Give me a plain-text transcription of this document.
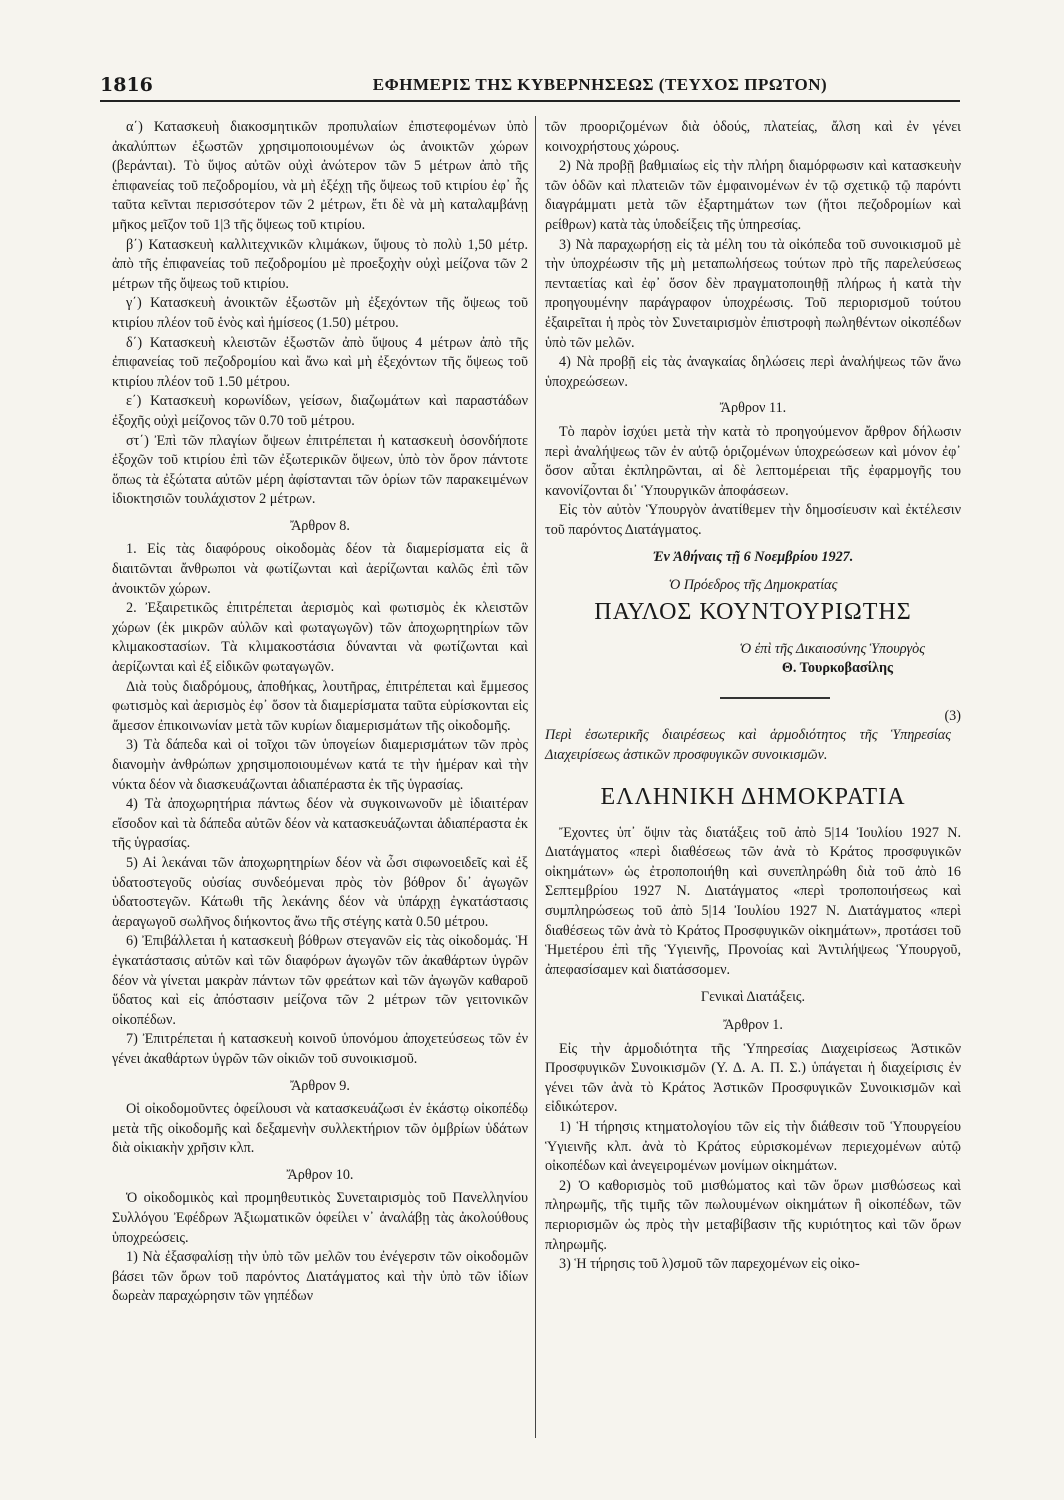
1816	ΕΦΗΜΕΡΙΣ ΤΗΣ ΚΥΒΕΡΝΗΣΕΩΣ (ΤΕΥΧΟΣ ΠΡΩΤΟΝ)

α΄) Κατασκευὴ διακοσμητικῶν προπυλαίων ἐπιστεφομένων ὑπὸ ἀκαλύπτων ἐξωστῶν χρησιμοποιουμένων ὡς ἀνοικτῶν χώρων (βεράνται). Τὸ ὕψος αὐτῶν οὐχὶ ἀνώτερον τῶν 5 μέτρων ἀπὸ τῆς ἐπιφανείας τοῦ πεζοδρομίου, νὰ μὴ ἐξέχῃ τῆς ὄψεως τοῦ κτιρίου ἐφ᾽ ἧς ταῦτα κεῖνται περισσότερον τῶν 2 μέτρων, ἔτι δὲ νὰ μὴ καταλαμβάνῃ μῆκος μεῖζον τοῦ 1|3 τῆς ὄψεως τοῦ κτιρίου.

β΄) Κατασκευὴ καλλιτεχνικῶν κλιμάκων, ὕψους τὸ πολὺ 1,50 μέτρ. ἀπὸ τῆς ἐπιφανείας τοῦ πεζοδρομίου μὲ προεξοχὴν οὐχὶ μείζονα τῶν 2 μέτρων τῆς ὄψεως τοῦ κτιρίου.

γ΄) Κατασκευὴ ἀνοικτῶν ἐξωστῶν μὴ ἐξεχόντων τῆς ὄψεως τοῦ κτιρίου πλέον τοῦ ἑνὸς καὶ ἡμίσεος (1.50) μέτρου.

δ΄) Κατασκευὴ κλειστῶν ἐξωστῶν ἀπὸ ὕψους 4 μέτρων ἀπὸ τῆς ἐπιφανείας τοῦ πεζοδρομίου καὶ ἄνω καὶ μὴ ἐξεχόντων τῆς ὄψεως τοῦ κτιρίου πλέον τοῦ 1.50 μέτρου.

ε΄) Κατασκευὴ κορωνίδων, γείσων, διαζωμάτων καὶ παραστάδων ἐξοχῆς οὐχὶ μείζονος τῶν 0.70 τοῦ μέτρου.

στ΄) Ἐπὶ τῶν πλαγίων ὄψεων ἐπιτρέπεται ἡ κατασκευὴ ὁσονδήποτε ἐξοχῶν τοῦ κτιρίου ἐπὶ τῶν ἐξωτερικῶν ὄψεων, ὑπὸ τὸν ὅρον πάντοτε ὅπως τὰ ἐξώτατα αὐτῶν μέρη ἀφίστανται τῶν ὁρίων τῶν παρακειμένων ἰδιοκτησιῶν τουλάχιστον 2 μέτρων.

Ἄρθρον 8.

1. Εἰς τὰς διαφόρους οἰκοδομὰς δέον τὰ διαμερίσματα εἰς ἃ διαιτῶνται ἄνθρωποι νὰ φωτίζωνται καὶ ἀερίζωνται καλῶς ἐπὶ τῶν ἀνοικτῶν χώρων.

2. Ἐξαιρετικῶς ἐπιτρέπεται ἀερισμὸς καὶ φωτισμὸς ἐκ κλειστῶν χώρων (ἐκ μικρῶν αὐλῶν καὶ φωταγωγῶν) τῶν ἀποχωρητηρίων τῶν κλιμακοστασίων. Τὰ κλιμακοστάσια δύνανται νὰ φωτίζωνται καὶ ἀερίζωνται καὶ ἐξ εἰδικῶν φωταγωγῶν.

Διὰ τοὺς διαδρόμους, ἀποθήκας, λουτῆρας, ἐπιτρέπεται καὶ ἔμμεσος φωτισμὸς καὶ ἀερισμὸς ἐφ᾽ ὅσον τὰ διαμερίσματα ταῦτα εὑρίσκονται εἰς ἄμεσον ἐπικοινωνίαν μετὰ τῶν κυρίων διαμερισμάτων τῆς οἰκοδομῆς.

3) Τὰ δάπεδα καὶ οἱ τοῖχοι τῶν ὑπογείων διαμερισμάτων τῶν πρὸς διανομὴν ἀνθρώπων χρησιμοποιουμένων κατά τε τὴν ἡμέραν καὶ τὴν νύκτα δέον νὰ διασκευάζωνται ἀδιαπέραστα ἐκ τῆς ὑγρασίας.

4) Τὰ ἀποχωρητήρια πάντως δέον νὰ συγκοινωνοῦν μὲ ἰδιαιτέραν εἴσοδον καὶ τὰ δάπεδα αὐτῶν δέον νὰ κατασκευάζωνται ἀδιαπέραστα ἐκ τῆς ὑγρασίας.

5) Αἱ λεκάναι τῶν ἀποχωρητηρίων δέον νὰ ὦσι σιφωνοειδεῖς καὶ ἐξ ὑδατοστεγοῦς οὐσίας συνδεόμεναι πρὸς τὸν βόθρον δι᾽ ἀγωγῶν ὑδατοστεγῶν. Κάτωθι τῆς λεκάνης δέον νὰ ὑπάρχῃ ἐγκατάστασις ἀεραγωγοῦ σωλῆνος διήκοντος ἄνω τῆς στέγης κατὰ 0.50 μέτρου.

6) Ἐπιβάλλεται ἡ κατασκευὴ βόθρων στεγανῶν εἰς τὰς οἰκοδομάς. Ἡ ἐγκατάστασις αὐτῶν καὶ τῶν διαφόρων ἀγωγῶν τῶν ἀκαθάρτων ὑγρῶν δέον νὰ γίνεται μακρὰν πάντων τῶν φρεάτων καὶ τῶν ἀγωγῶν καθαροῦ ὕδατος καὶ εἰς ἀπόστασιν μείζονα τῶν 2 μέτρων τῶν γειτονικῶν οἰκοπέδων.

7) Ἐπιτρέπεται ἡ κατασκευὴ κοινοῦ ὑπονόμου ἀποχετεύσεως τῶν ἐν γένει ἀκαθάρτων ὑγρῶν τῶν οἰκιῶν τοῦ συνοικισμοῦ.

Ἄρθρον 9.

Οἱ οἰκοδομοῦντες ὀφείλουσι νὰ κατασκευάζωσι ἐν ἑκάστῳ οἰκοπέδῳ μετὰ τῆς οἰκοδομῆς καὶ δεξαμενὴν συλλεκτήριον τῶν ὀμβρίων ὑδάτων διὰ οἰκιακὴν χρῆσιν κλπ.

Ἄρθρον 10.

Ὁ οἰκοδομικὸς καὶ προμηθευτικὸς Συνεταιρισμὸς τοῦ Πανελληνίου Συλλόγου Ἐφέδρων Ἀξιωματικῶν ὀφείλει ν᾽ ἀναλάβῃ τὰς ἀκολούθους ὑποχρεώσεις.

1) Νὰ ἐξασφαλίσῃ τὴν ὑπὸ τῶν μελῶν του ἐνέγερσιν τῶν οἰκοδομῶν βάσει τῶν ὅρων τοῦ παρόντος Διατάγματος καὶ τὴν ὑπὸ τῶν ἰδίων δωρεὰν παραχώρησιν τῶν γηπέδων

τῶν προοριζομένων διὰ ὁδούς, πλατείας, ἄλση καὶ ἐν γένει κοινοχρήστους χώρους.

2) Νὰ προβῇ βαθμιαίως εἰς τὴν πλήρη διαμόρφωσιν καὶ κατασκευὴν τῶν ὁδῶν καὶ πλατειῶν τῶν ἐμφαινομένων ἐν τῷ σχετικῷ τῷ παρόντι διαγράμματι μετὰ τῶν ἐξαρτημάτων των (ἤτοι πεζοδρομίων καὶ ρείθρων) κατὰ τὰς ὑποδείξεις τῆς ὑπηρεσίας.

3) Νὰ παραχωρήσῃ εἰς τὰ μέλη του τὰ οἰκόπεδα τοῦ συνοικισμοῦ μὲ τὴν ὑποχρέωσιν τῆς μὴ μεταπωλήσεως τούτων πρὸ τῆς παρελεύσεως πενταετίας καὶ ἐφ᾽ ὅσον δὲν πραγματοποιηθῇ πλήρως ἡ κατὰ τὴν προηγουμένην παράγραφον ὑποχρέωσις. Τοῦ περιορισμοῦ τούτου ἐξαιρεῖται ἡ πρὸς τὸν Συνεταιρισμὸν ἐπιστροφὴ πωληθέντων οἰκοπέδων ὑπὸ τῶν μελῶν.

4) Νὰ προβῇ εἰς τὰς ἀναγκαίας δηλώσεις περὶ ἀναλήψεως τῶν ἄνω ὑποχρεώσεων.

Ἄρθρον 11.

Τὸ παρὸν ἰσχύει μετὰ τὴν κατὰ τὸ προηγούμενον ἄρθρον δήλωσιν περὶ ἀναλήψεως τῶν ἐν αὐτῷ ὁριζομένων ὑποχρεώσεων καὶ μόνον ἐφ᾽ ὅσον αὗται ἐκπληρῶνται, αἱ δὲ λεπτομέρειαι τῆς ἐφαρμογῆς του κανονίζονται δι᾽ Ὑπουργικῶν ἀποφάσεων.

Εἰς τὸν αὐτὸν Ὑπουργὸν ἀνατίθεμεν τὴν δημοσίευσιν καὶ ἐκτέλεσιν τοῦ παρόντος Διατάγματος.

Ἐν Ἀθήναις τῇ 6 Νοεμβρίου 1927.

Ὁ Πρόεδρος τῆς Δημοκρατίας

ΠΑΥΛΟΣ ΚΟΥΝΤΟΥΡΙΩΤΗΣ

Ὁ ἐπὶ τῆς Δικαιοσύνης Ὑπουργὸς

Θ. Τουρκοβασίλης

(3)

Περὶ ἐσωτερικῆς διαιρέσεως καὶ ἁρμοδιότητος τῆς Ὑπηρεσίας Διαχειρίσεως ἀστικῶν προσφυγικῶν συνοικισμῶν.

ΕΛΛΗΝΙΚΗ ΔΗΜΟΚΡΑΤΙΑ

Ἔχοντες ὑπ᾽ ὄψιν τὰς διατάξεις τοῦ ἀπὸ 5|14 Ἰουλίου 1927 Ν. Διατάγματος «περὶ διαθέσεως τῶν ἀνὰ τὸ Κράτος προσφυγικῶν οἰκημάτων» ὡς ἐτροποποιήθη καὶ συνεπληρώθη διὰ τοῦ ἀπὸ 16 Σεπτεμβρίου 1927 Ν. Διατάγματος «περὶ τροποποιήσεως καὶ συμπληρώσεως τοῦ ἀπὸ 5|14 Ἰουλίου 1927 Ν. Διατάγματος «περὶ διαθέσεως τῶν ἀνὰ τὸ Κράτος Προσφυγικῶν οἰκημάτων», προτάσει τοῦ Ἡμετέρου ἐπὶ τῆς Ὑγιεινῆς, Προνοίας καὶ Ἀντιλήψεως Ὑπουργοῦ, ἀπεφασίσαμεν καὶ διατάσσομεν.

Γενικαὶ Διατάξεις.

Ἄρθρον 1.

Εἰς τὴν ἁρμοδιότητα τῆς Ὑπηρεσίας Διαχειρίσεως Ἀστικῶν Προσφυγικῶν Συνοικισμῶν (Υ. Δ. Α. Π. Σ.) ὑπάγεται ἡ διαχείρισις ἐν γένει τῶν ἀνὰ τὸ Κράτος Ἀστικῶν Προσφυγικῶν Συνοικισμῶν καὶ εἰδικώτερον.

1) Ἡ τήρησις κτηματολογίου τῶν εἰς τὴν διάθεσιν τοῦ Ὑπουργείου Ὑγιεινῆς κλπ. ἀνὰ τὸ Κράτος εὑρισκομένων περιεχομένων αὐτῷ οἰκοπέδων καὶ ἀνεγειρομένων μονίμων οἰκημάτων.

2) Ὁ καθορισμὸς τοῦ μισθώματος καὶ τῶν ὅρων μισθώσεως καὶ πληρωμῆς, τῆς τιμῆς τῶν πωλουμένων οἰκημάτων ἢ οἰκοπέδων, τῶν περιορισμῶν ὡς πρὸς τὴν μεταβίβασιν τῆς κυριότητος καὶ τῶν ὅρων πληρωμῆς.

3) Ἡ τήρησις τοῦ λ)σμοῦ τῶν παρεχομένων εἰς οἰκο-
